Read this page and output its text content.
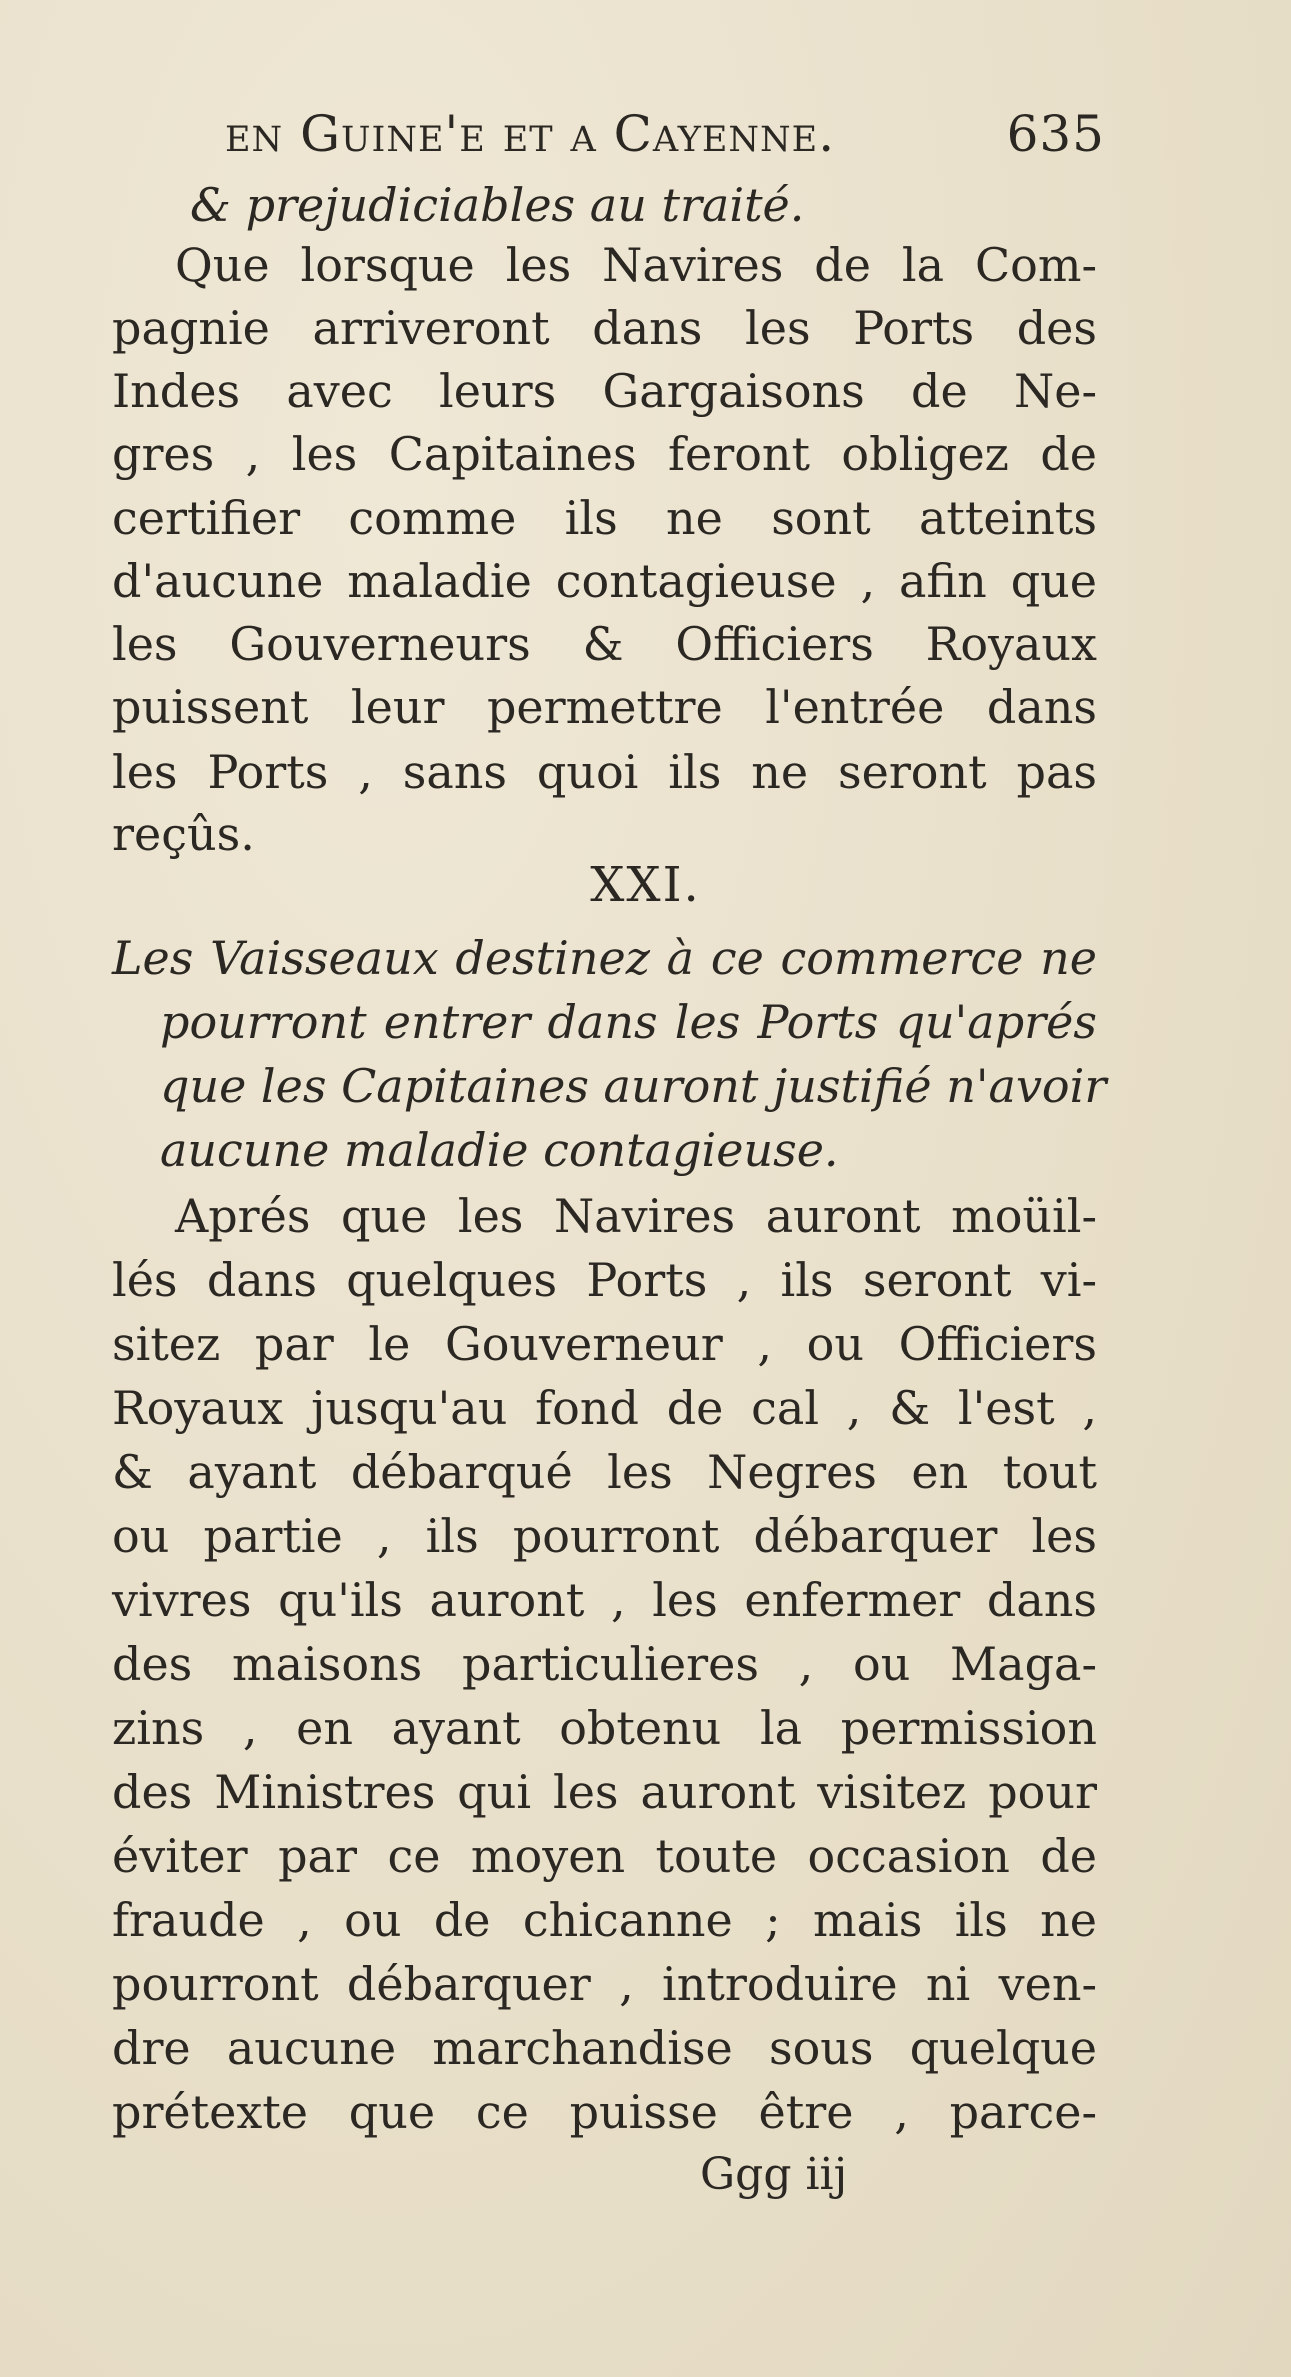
en Guine'e et a Cayenne.	635
& prejudiciables au traité.
Que lorsque les Navires de la Com-
pagnie arriveront dans les Ports des
Indes avec leurs Gargaisons de Ne-
gres , les Capitaines feront obligez de
certifier comme ils ne sont atteints
d'aucune maladie contagieuse , afin que
les Gouverneurs & Officiers Royaux
puissent leur permettre l'entrée dans
les Ports , sans quoi ils ne seront pas
reçûs.
XXI.
Les Vaisseaux destinez à ce commerce ne
pourront entrer dans les Ports qu'aprés
que les Capitaines auront justifié n'avoir
aucune maladie contagieuse.
Aprés que les Navires auront moüil-
lés dans quelques Ports , ils seront vi-
sitez par le Gouverneur , ou Officiers
Royaux jusqu'au fond de cal , & l'est ,
& ayant débarqué les Negres en tout
ou partie , ils pourront débarquer les
vivres qu'ils auront , les enfermer dans
des maisons particulieres , ou Maga-
zins , en ayant obtenu la permission
des Ministres qui les auront visitez pour
éviter par ce moyen toute occasion de
fraude , ou de chicanne ; mais ils ne
pourront débarquer , introduire ni ven-
dre aucune marchandise sous quelque
prétexte que ce puisse être , parce-
Ggg iij
